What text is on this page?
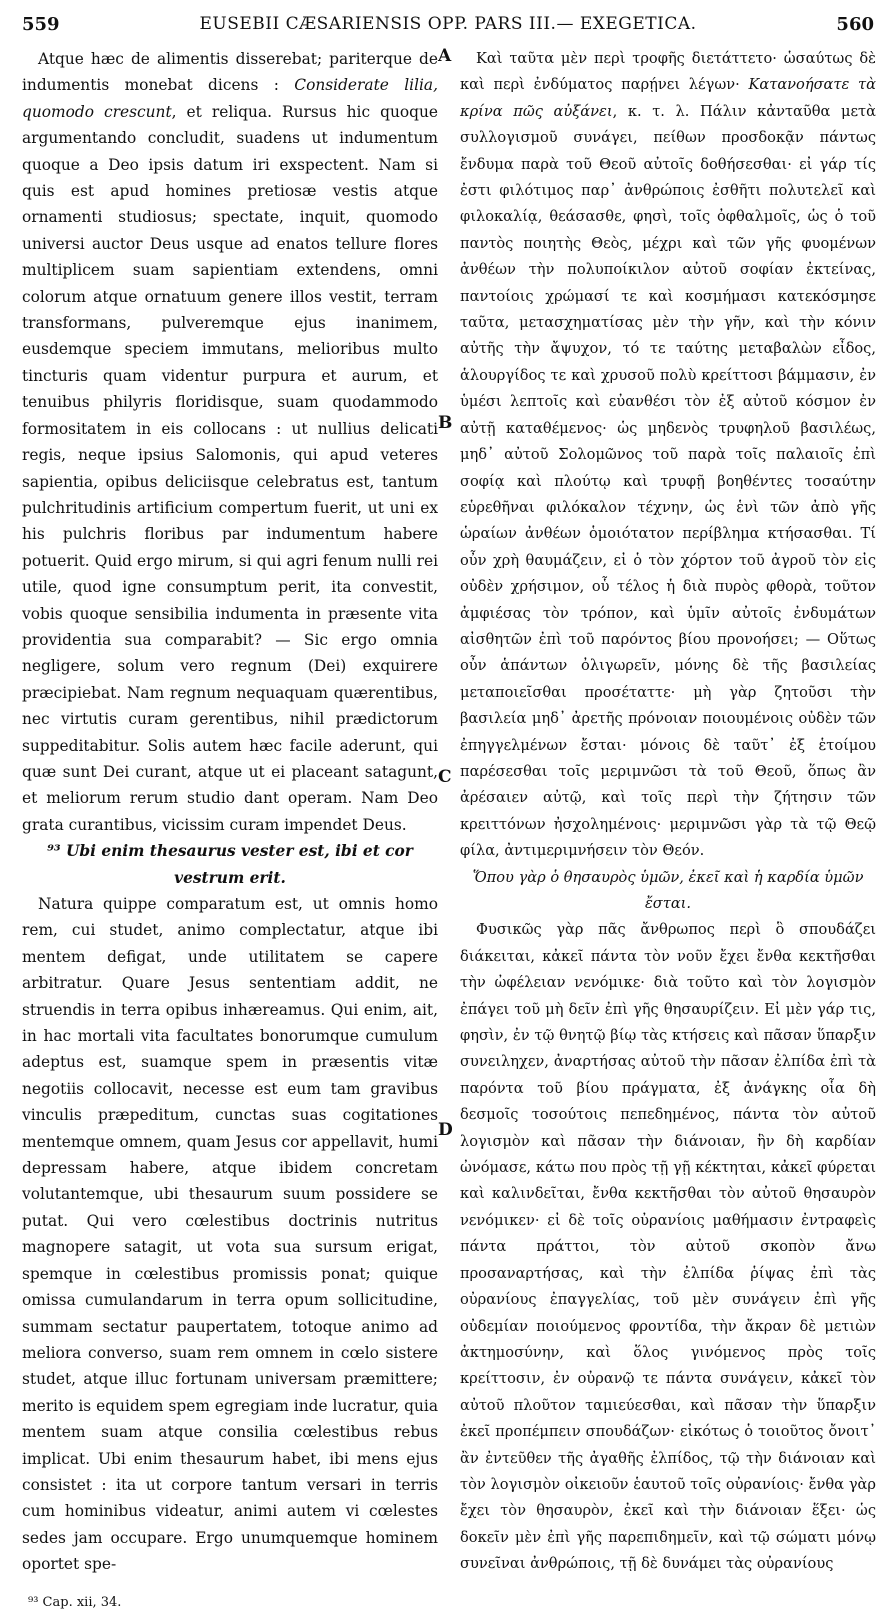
559	EUSEBII CÆSARIENSIS OPP. PARS III.— EXEGETICA.	560
A
B
C
D

Atque hæc de alimentis disserebat; pariterque de indumentis monebat dicens : Considerate lilia, quomodo crescunt, et reliqua. Rursus hic quoque argumentando concludit, suadens ut indumentum quoque a Deo ipsis datum iri exspectent. Nam si quis est apud homines pretiosæ vestis atque ornamenti studiosus; spectate, inquit, quomodo universi auctor Deus usque ad enatos tellure flores multiplicem suam sapientiam extendens, omni colorum atque ornatuum genere illos vestit, terram transformans, pulveremque ejus inanimem, eusdemque speciem immutans, melioribus multo tincturis quam videntur purpura et aurum, et tenuibus philyris floridisque, suam quodammodo formositatem in eis collocans : ut nullius delicati regis, neque ipsius Salomonis, qui apud veteres sapientia, opibus deliciisque celebratus est, tantum pulchritudinis artificium compertum fuerit, ut uni ex his pulchris floribus par indumentum habere potuerit. Quid ergo mirum, si qui agri fenum nulli rei utile, quod igne consumptum perit, ita convestit, vobis quoque sensibilia indumenta in præsente vita providentia sua comparabit? — Sic ergo omnia negligere, solum vero regnum (Dei) exquirere præcipiebat. Nam regnum nequaquam quærentibus, nec virtutis curam gerentibus, nihil prædictorum suppeditabitur. Solis autem hæc facile aderunt, qui quæ sunt Dei curant, atque ut ei placeant satagunt, et meliorum rerum studio dant operam. Nam Deo grata curantibus, vicissim curam impendet Deus.

⁹³ Ubi enim thesaurus vester est, ibi et cor vestrum erit.

Natura quippe comparatum est, ut omnis homo rem, cui studet, animo complectatur, atque ibi mentem defigat, unde utilitatem se capere arbitratur. Quare Jesus sententiam addit, ne struendis in terra opibus inhæreamus. Qui enim, ait, in hac mortali vita facultates bonorumque cumulum adeptus est, suamque spem in præsentis vitæ negotiis collocavit, necesse est eum tam gravibus vinculis præpeditum, cunctas suas cogitationes mentemque omnem, quam Jesus cor appellavit, humi depressam habere, atque ibidem concretam volutantemque, ubi thesaurum suum possidere se putat. Qui vero cœlestibus doctrinis nutritus magnopere satagit, ut vota sua sursum erigat, spemque in cœlestibus promissis ponat; quique omissa cumulandarum in terra opum sollicitudine, summam sectatur paupertatem, totoque animo ad meliora converso, suam rem omnem in cœlo sistere studet, atque illuc fortunam universam præmittere; merito is equidem spem egregiam inde lucratur, quia mentem suam atque consilia cœlestibus rebus implicat. Ubi enim thesaurum habet, ibi mens ejus consistet : ita ut corpore tantum versari in terris cum hominibus videatur, animi autem vi cœlestes sedes jam occupare. Ergo unumquemque hominem oportet spe-

⁹³ Cap. xii, 34.

Καὶ ταῦτα μὲν περὶ τροφῆς διετάττετο· ὡσαύτως δὲ καὶ περὶ ἐνδύματος παρῄνει λέγων· Κατανοήσατε τὰ κρίνα πῶς αὐξάνει, κ. τ. λ. Πάλιν κἀνταῦθα μετὰ συλλογισμοῦ συνάγει, πείθων προσδοκᾷν πάντως ἔνδυμα παρὰ τοῦ Θεοῦ αὐτοῖς δοθήσεσθαι· εἰ γάρ τίς ἐστι φιλότιμος παρ᾽ ἀνθρώποις ἐσθῆτι πολυτελεῖ καὶ φιλοκαλίᾳ, θεάσασθε, φησὶ, τοῖς ὀφθαλμοῖς, ὡς ὁ τοῦ παντὸς ποιητὴς Θεὸς, μέχρι καὶ τῶν γῆς φυομένων ἀνθέων τὴν πολυποίκιλον αὐτοῦ σοφίαν ἐκτείνας, παντοίοις χρώμασί τε καὶ κοσμήμασι κατεκόσμησε ταῦτα, μετασχηματίσας μὲν τὴν γῆν, καὶ τὴν κόνιν αὐτῆς τὴν ἄψυχον, τό τε ταύτης μεταβαλὼν εἶδος, ἁλουργίδος τε καὶ χρυσοῦ πολὺ κρείττοσι βάμμασιν, ἐν ὑμέσι λεπτοῖς καὶ εὐανθέσι τὸν ἐξ αὐτοῦ κόσμον ἐν αὐτῇ καταθέμενος· ὡς μηδενὸς τρυφηλοῦ βασιλέως, μηδ᾽ αὐτοῦ Σολομῶνος τοῦ παρὰ τοῖς παλαιοῖς ἐπὶ σοφίᾳ καὶ πλούτῳ καὶ τρυφῇ βοηθέντες τοσαύτην εὑρεθῆναι φιλόκαλον τέχνην, ὡς ἑνὶ τῶν ἀπὸ γῆς ὡραίων ἀνθέων ὁμοιότατον περίβλημα κτήσασθαι. Τί οὖν χρὴ θαυμάζειν, εἰ ὁ τὸν χόρτον τοῦ ἀγροῦ τὸν εἰς οὐδὲν χρήσιμον, οὗ τέλος ἡ διὰ πυρὸς φθορὰ, τοῦτον ἀμφιέσας τὸν τρόπον, καὶ ὑμῖν αὐτοῖς ἐνδυμάτων αἰσθητῶν ἐπὶ τοῦ παρόντος βίου προνοήσει; — Οὕτως οὖν ἁπάντων ὀλιγωρεῖν, μόνης δὲ τῆς βασιλείας μεταποιεῖσθαι προσέταττε· μὴ γὰρ ζητοῦσι τὴν βασιλεία μηδ᾽ ἀρετῆς πρόνοιαν ποιουμένοις οὐδὲν τῶν ἐπηγγελμένων ἔσται· μόνοις δὲ ταῦτ᾽ ἐξ ἑτοίμου παρέσεσθαι τοῖς μεριμνῶσι τὰ τοῦ Θεοῦ, ὅπως ἂν ἀρέσαιεν αὐτῷ, καὶ τοῖς περὶ τὴν ζήτησιν τῶν κρειττόνων ἠσχολημένοις· μεριμνῶσι γὰρ τὰ τῷ Θεῷ φίλα, ἀντιμεριμνήσειν τὸν Θεόν.

Ὅπου γὰρ ὁ θησαυρὸς ὑμῶν, ἐκεῖ καὶ ἡ καρδία ὑμῶν ἔσται.

Φυσικῶς γὰρ πᾶς ἄνθρωπος περὶ ὃ σπουδάζει διάκειται, κἀκεῖ πάντα τὸν νοῦν ἔχει ἔνθα κεκτῆσθαι τὴν ὠφέλειαν νενόμικε· διὰ τοῦτο καὶ τὸν λογισμὸν ἐπάγει τοῦ μὴ δεῖν ἐπὶ γῆς θησαυρίζειν. Εἰ μὲν γάρ τις, φησὶν, ἐν τῷ θνητῷ βίῳ τὰς κτήσεις καὶ πᾶσαν ὕπαρξιν συνειληχεν, ἀναρτήσας αὐτοῦ τὴν πᾶσαν ἐλπίδα ἐπὶ τὰ παρόντα τοῦ βίου πράγματα, ἐξ ἀνάγκης οἷα δὴ δεσμοῖς τοσούτοις πεπεδημένος, πάντα τὸν αὐτοῦ λογισμὸν καὶ πᾶσαν τὴν διάνοιαν, ἣν δὴ καρδίαν ὠνόμασε, κάτω που πρὸς τῇ γῇ κέκτηται, κἀκεῖ φύρεται καὶ καλινδεῖται, ἔνθα κεκτῆσθαι τὸν αὐτοῦ θησαυρὸν νενόμικεν· εἰ δὲ τοῖς οὐρανίοις μαθήμασιν ἐντραφεὶς πάντα πράττοι, τὸν αὐτοῦ σκοπὸν ἄνω προσαναρτήσας, καὶ τὴν ἐλπίδα ῥίψας ἐπὶ τὰς οὐρανίους ἐπαγγελίας, τοῦ μὲν συνάγειν ἐπὶ γῆς οὐδεμίαν ποιούμενος φροντίδα, τὴν ἄκραν δὲ μετιὼν ἀκτημοσύνην, καὶ ὅλος γινόμενος πρὸς τοῖς κρείττοσιν, ἐν οὐρανῷ τε πάντα συνάγειν, κἀκεῖ τὸν αὐτοῦ πλοῦτον ταμιεύεσθαι, καὶ πᾶσαν τὴν ὕπαρξιν ἐκεῖ προπέμπειν σπουδάζων· εἰκότως ὁ τοιοῦτος ὄνοιτ᾽ ἂν ἐντεῦθεν τῆς ἀγαθῆς ἐλπίδος, τῷ τὴν διάνοιαν καὶ τὸν λογισμὸν οἰκειοῦν ἑαυτοῦ τοῖς οὐρανίοις· ἔνθα γὰρ ἔχει τὸν θησαυρὸν, ἐκεῖ καὶ τὴν διάνοιαν ἕξει· ὡς δοκεῖν μὲν ἐπὶ γῆς παρεπιδημεῖν, καὶ τῷ σώματι μόνῳ συνεῖναι ἀνθρώποις, τῇ δὲ δυνάμει τὰς οὐρανίους
